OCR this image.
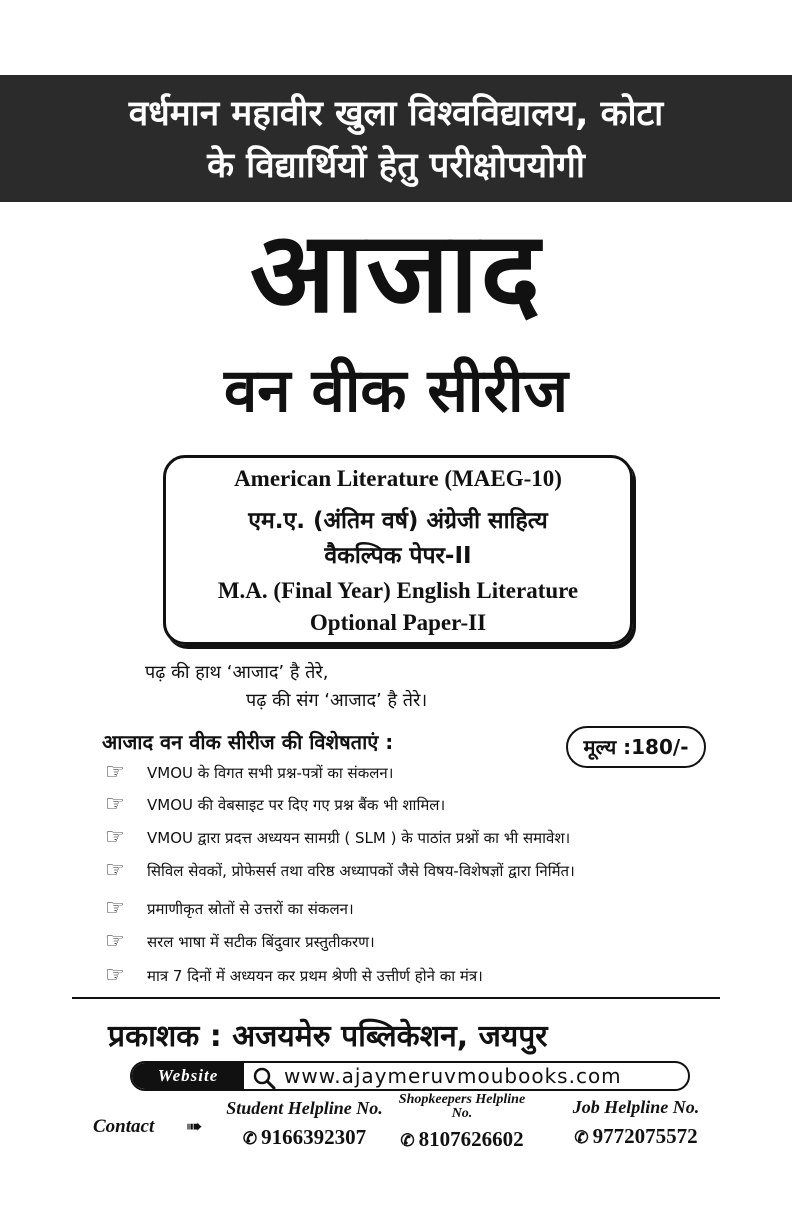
वर्धमान महावीर खुला विश्वविद्यालय, कोटा
के विद्यार्थियों हेतु परीक्षोपयोगी
आजाद
वन वीक सीरीज
American Literature (MAEG-10)
एम.ए. (अंतिम वर्ष) अंग्रेजी साहित्य
वैकल्पिक पेपर-II
M.A. (Final Year) English Literature
Optional Paper-II
पढ़ की हाथ ‘आजाद’ है तेरे,
पढ़ की संग ‘आजाद’ है तेरे।
आजाद वन वीक सीरीज की विशेषताएं :	मूल्य :180/-
☞	VMOU के विगत सभी प्रश्न-पत्रों का संकलन।
☞	VMOU की वेबसाइट पर दिए गए प्रश्न बैंक भी शामिल।
☞	VMOU द्वारा प्रदत्त अध्ययन सामग्री ( SLM ) के पाठांत प्रश्नों का भी समावेश।
☞	सिविल सेवकों, प्रोफेसर्स तथा वरिष्ठ अध्यापकों जैसे विषय-विशेषज्ञों द्वारा निर्मित।
☞	प्रमाणीकृत स्रोतों से उत्तरों का संकलन।
☞	सरल भाषा में सटीक बिंदुवार प्रस्तुतीकरण।
☞	मात्र 7 दिनों में अध्ययन कर प्रथम श्रेणी से उत्तीर्ण होने का मंत्र।
प्रकाशक : अजयमेरु पब्लिकेशन, जयपुर
Website	www.ajaymeruvmoubooks.com
Contact ➠
Student Helpline No.
✆ 9166392307
Shopkeepers Helpline No.
✆ 8107626602
Job Helpline No.
✆ 9772075572
